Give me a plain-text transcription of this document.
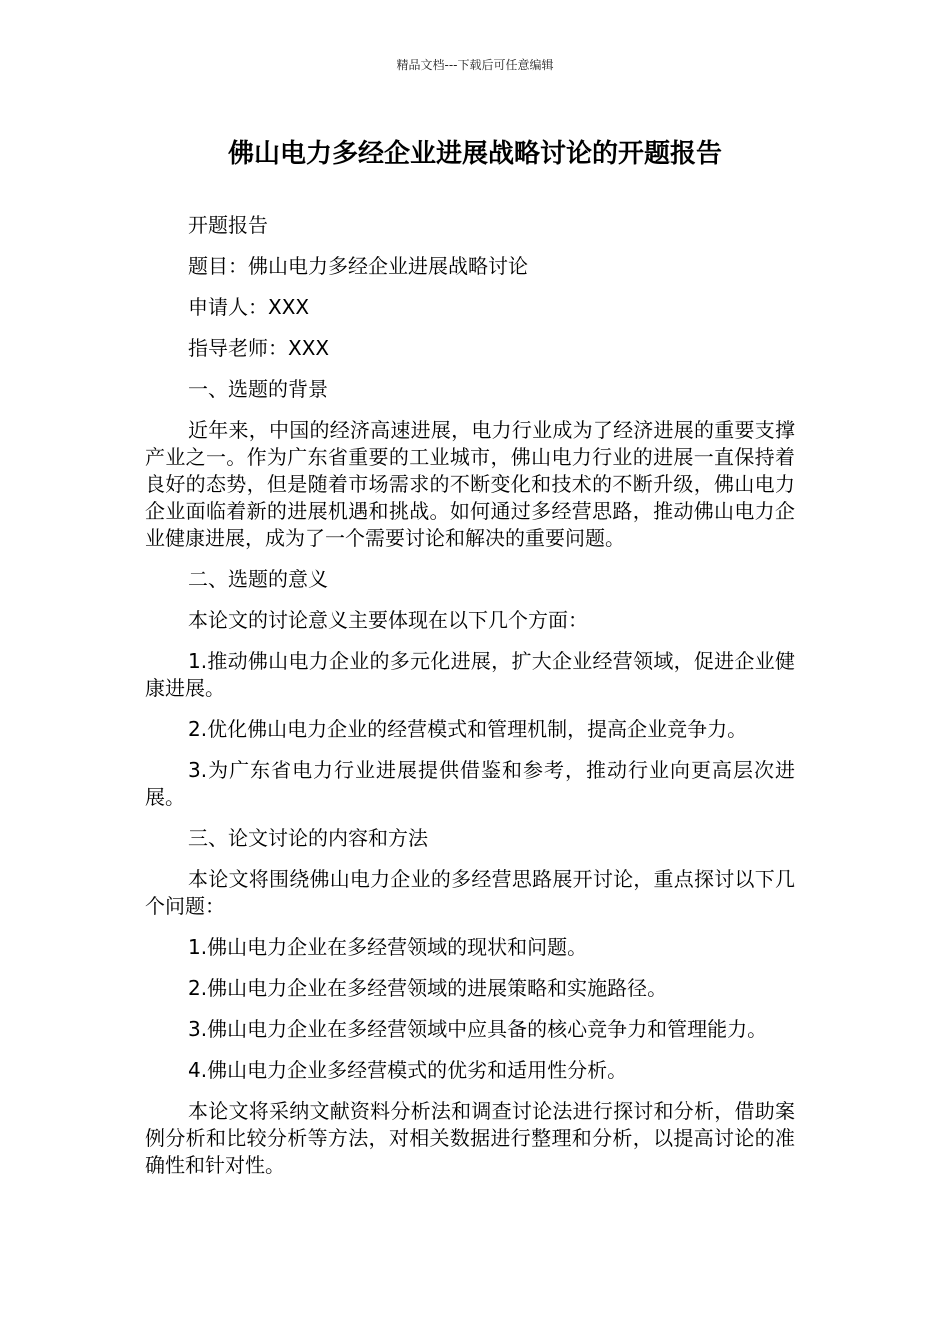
精品文档---下载后可任意编辑
佛山电力多经企业进展战略讨论的开题报告

开题报告

题目：佛山电力多经企业进展战略讨论

申请人：XXX

指导老师：XXX

一、选题的背景

近年来，中国的经济高速进展，电力行业成为了经济进展的重要支撑产业之一。作为广东省重要的工业城市，佛山电力行业的进展一直保持着良好的态势，但是随着市场需求的不断变化和技术的不断升级，佛山电力企业面临着新的进展机遇和挑战。如何通过多经营思路，推动佛山电力企业健康进展，成为了一个需要讨论和解决的重要问题。

二、选题的意义

本论文的讨论意义主要体现在以下几个方面：

1.推动佛山电力企业的多元化进展，扩大企业经营领域，促进企业健康进展。

2.优化佛山电力企业的经营模式和管理机制，提高企业竞争力。

3.为广东省电力行业进展提供借鉴和参考，推动行业向更高层次进展。

三、论文讨论的内容和方法

本论文将围绕佛山电力企业的多经营思路展开讨论，重点探讨以下几个问题：

1.佛山电力企业在多经营领域的现状和问题。

2.佛山电力企业在多经营领域的进展策略和实施路径。

3.佛山电力企业在多经营领域中应具备的核心竞争力和管理能力。

4.佛山电力企业多经营模式的优劣和适用性分析。

本论文将采纳文献资料分析法和调查讨论法进行探讨和分析，借助案例分析和比较分析等方法，对相关数据进行整理和分析，以提高讨论的准确性和针对性。
